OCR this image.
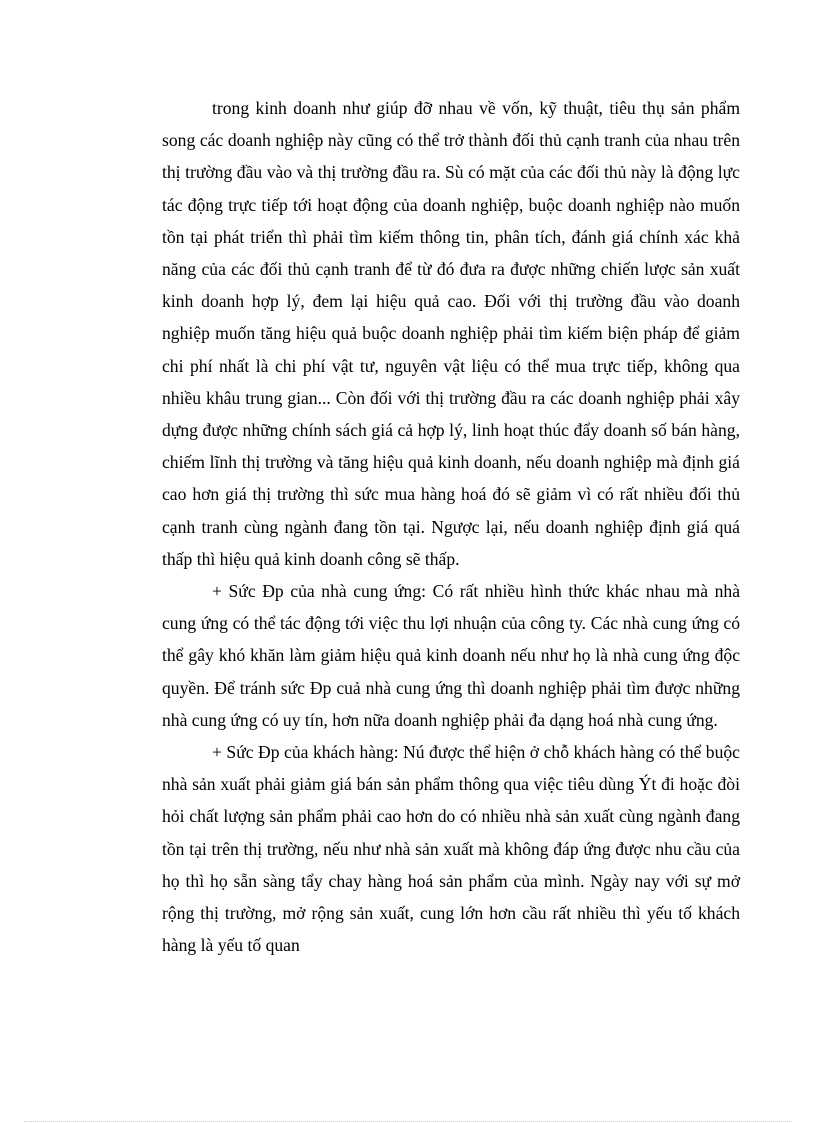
trong kinh doanh như giúp đỡ nhau về vốn, kỹ thuật, tiêu thụ sản phẩm song các doanh nghiệp này cũng có thể trở thành đối thủ cạnh tranh của nhau trên thị trường đầu vào và thị trường đầu ra. Sù có mặt của các đối thủ này là động lực tác động trực tiếp tới hoạt động của doanh nghiệp, buộc doanh nghiệp nào muốn tồn tại phát triển thì phải tìm kiếm thông tin, phân tích, đánh giá chính xác khả năng của các đối thủ cạnh tranh để từ đó đưa ra được những chiến lược sản xuất kinh doanh hợp lý, đem lại hiệu quả cao. Đối với thị trường đầu vào doanh nghiệp muốn tăng hiệu quả buộc doanh nghiệp phải tìm kiếm biện pháp để giảm chi phí nhất là chi phí vật tư, nguyên vật liệu có thể mua trực tiếp, không qua nhiều khâu trung gian... Còn đối với thị trường đầu ra các doanh nghiệp phải xây dựng được những chính sách giá cả hợp lý, linh hoạt thúc đẩy doanh số bán hàng, chiếm lĩnh thị trường và tăng hiệu quả kinh doanh, nếu doanh nghiệp mà định giá cao hơn giá thị trường thì sức mua hàng hoá đó sẽ giảm vì có rất nhiều đối thủ cạnh tranh cùng ngành đang tồn tại. Ngược lại, nếu doanh nghiệp định giá quá thấp thì hiệu quả kinh doanh công sẽ thấp.

+ Sức Ðp của nhà cung ứng: Có rất nhiều hình thức khác nhau mà nhà cung ứng có thể tác động tới việc thu lợi nhuận của công ty. Các nhà cung ứng có thể gây khó khăn làm giảm hiệu quả kinh doanh nếu như họ là nhà cung ứng độc quyền. Để tránh sức Ðp cuả nhà cung ứng thì doanh nghiệp phải tìm được những nhà cung ứng có uy tín, hơn nữa doanh nghiệp phải đa dạng hoá nhà cung ứng.

+ Sức Ðp của khách hàng: Nú được thể hiện ở chỗ khách hàng có thể buộc nhà sản xuất phải giảm giá bán sản phẩm thông qua việc tiêu dùng Ýt đi hoặc đòi hỏi chất lượng sản phẩm phải cao hơn do có nhiều nhà sản xuất cùng ngành đang tồn tại trên thị trường, nếu như nhà sản xuất mà không đáp ứng được nhu cầu của họ thì họ sẵn sàng tẩy chay hàng hoá sản phẩm của mình. Ngày nay với sự mở rộng thị trường, mở rộng sản xuất, cung lớn hơn cầu rất nhiều thì yếu tố khách hàng là yếu tố quan
